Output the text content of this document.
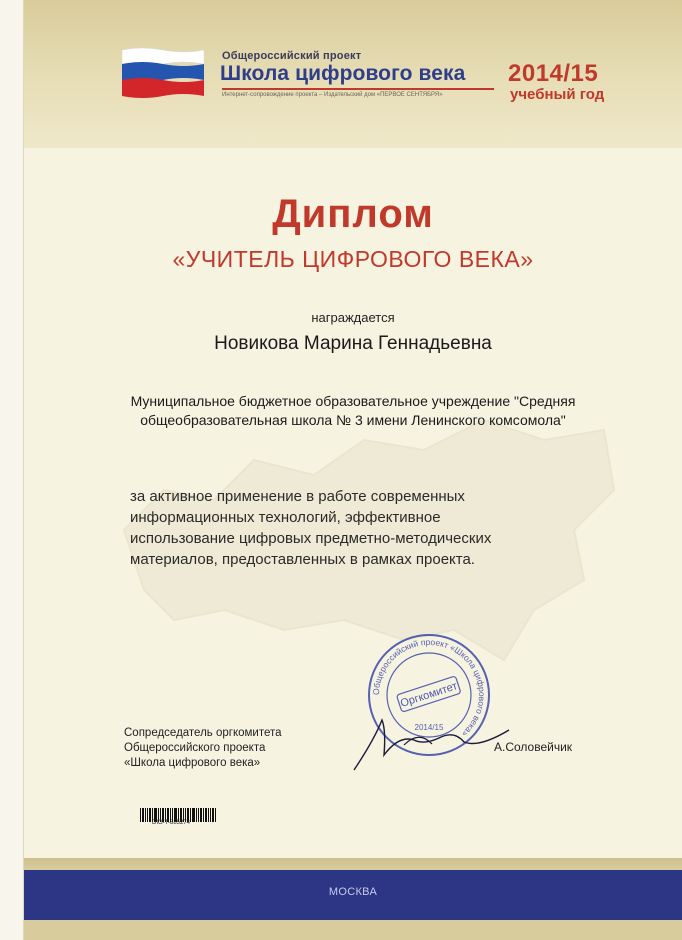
Общероссийский проект
Школа цифрового века
Интернет-сопровождение проекта – Издательский дом «ПЕРВОЕ СЕНТЯБРЯ»
2014/15
учебный год
Диплом
«УЧИТЕЛЬ ЦИФРОВОГО ВЕКА»
награждается
Новикова Марина Геннадьевна
Муниципальное бюджетное образовательное учреждение "Средняя
общеобразовательная школа № 3 имени Ленинского комсомола"
за активное применение в работе современных
информационных технологий, эффективное
использование цифровых предметно-методических
материалов, предоставленных в рамках проекта.
Общероссийский проект «Школа цифрового века»
Оргкомитет
2014/15
Сопредседатель оргкомитета
Общероссийского проекта
«Школа цифрового века»
А.Соловейчик
DIG-T-885274
МОСКВА
